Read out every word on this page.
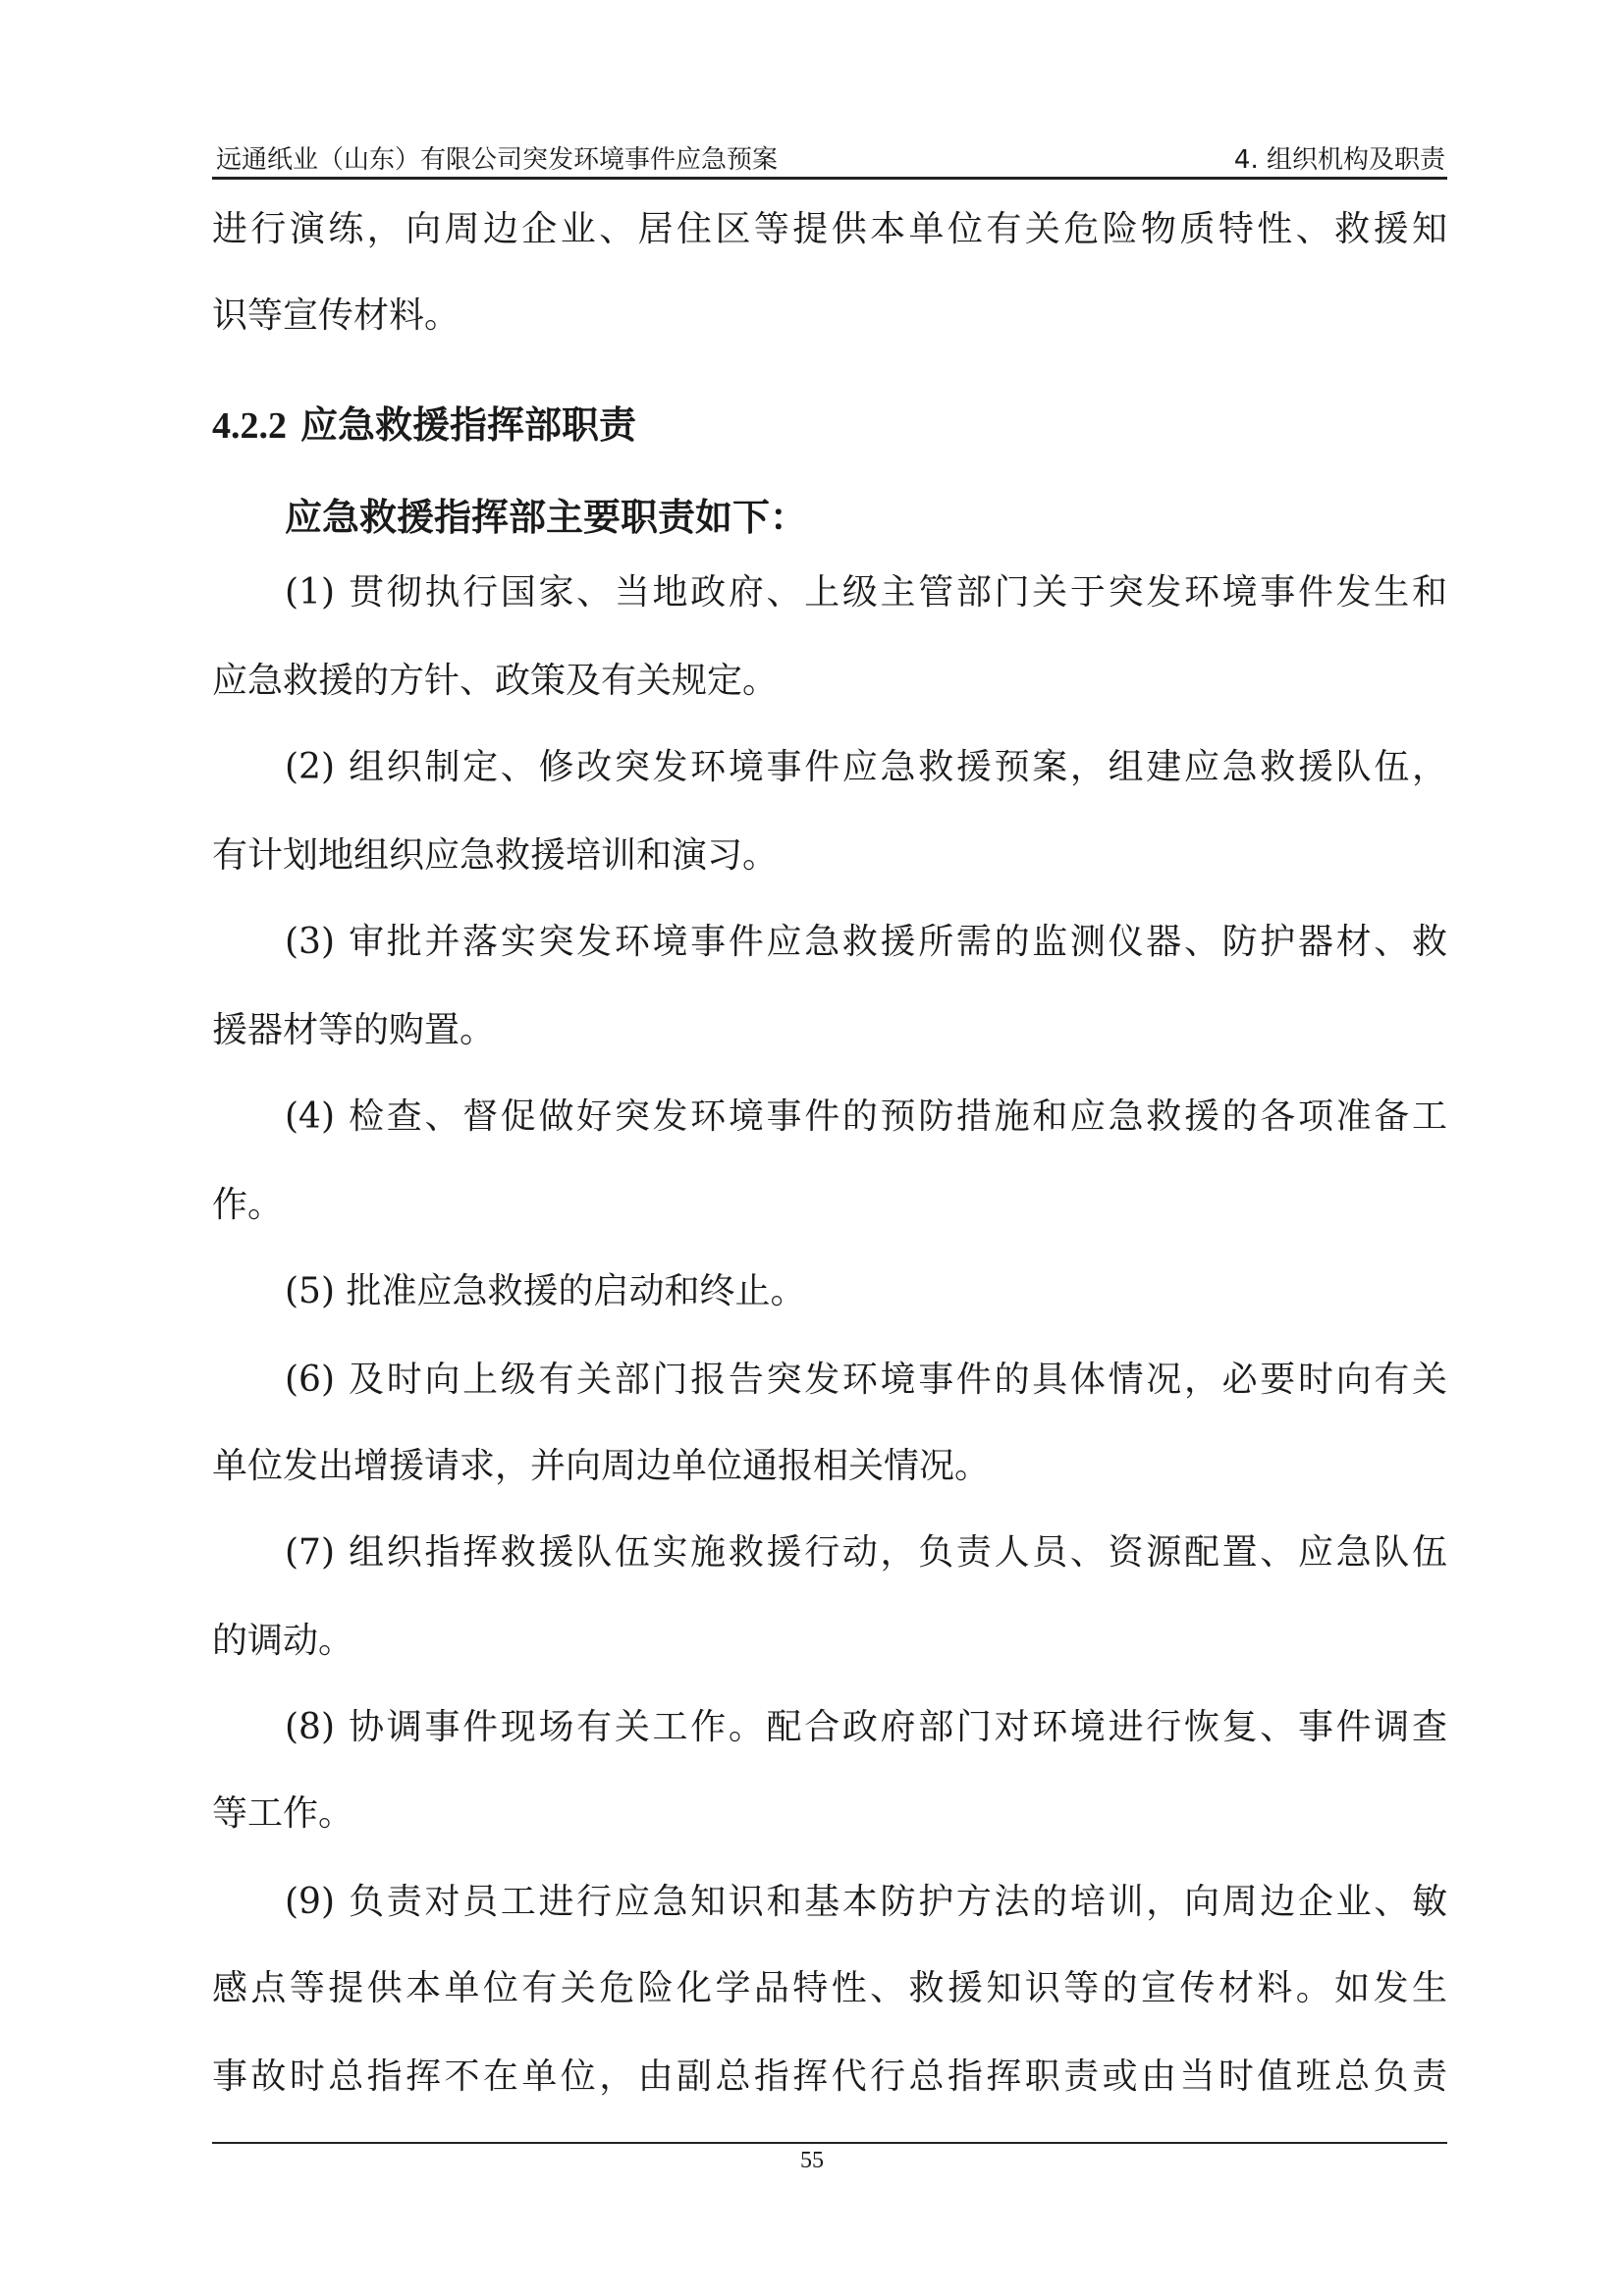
远通纸业（山东）有限公司突发环境事件应急预案	4. 组织机构及职责
进行演练，向周边企业、居住区等提供本单位有关危险物质特性、救援知
识等宣传材料。
4.2.2 应急救援指挥部职责
应急救援指挥部主要职责如下：
(1) 贯彻执行国家、当地政府、上级主管部门关于突发环境事件发生和
应急救援的方针、政策及有关规定。
(2) 组织制定、修改突发环境事件应急救援预案，组建应急救援队伍，
有计划地组织应急救援培训和演习。
(3) 审批并落实突发环境事件应急救援所需的监测仪器、防护器材、救
援器材等的购置。
(4) 检查、督促做好突发环境事件的预防措施和应急救援的各项准备工
作。
(5) 批准应急救援的启动和终止。
(6) 及时向上级有关部门报告突发环境事件的具体情况，必要时向有关
单位发出增援请求，并向周边单位通报相关情况。
(7) 组织指挥救援队伍实施救援行动，负责人员、资源配置、应急队伍
的调动。
(8) 协调事件现场有关工作。配合政府部门对环境进行恢复、事件调查
等工作。
(9) 负责对员工进行应急知识和基本防护方法的培训，向周边企业、敏
感点等提供本单位有关危险化学品特性、救援知识等的宣传材料。如发生
事故时总指挥不在单位，由副总指挥代行总指挥职责或由当时值班总负责
55
